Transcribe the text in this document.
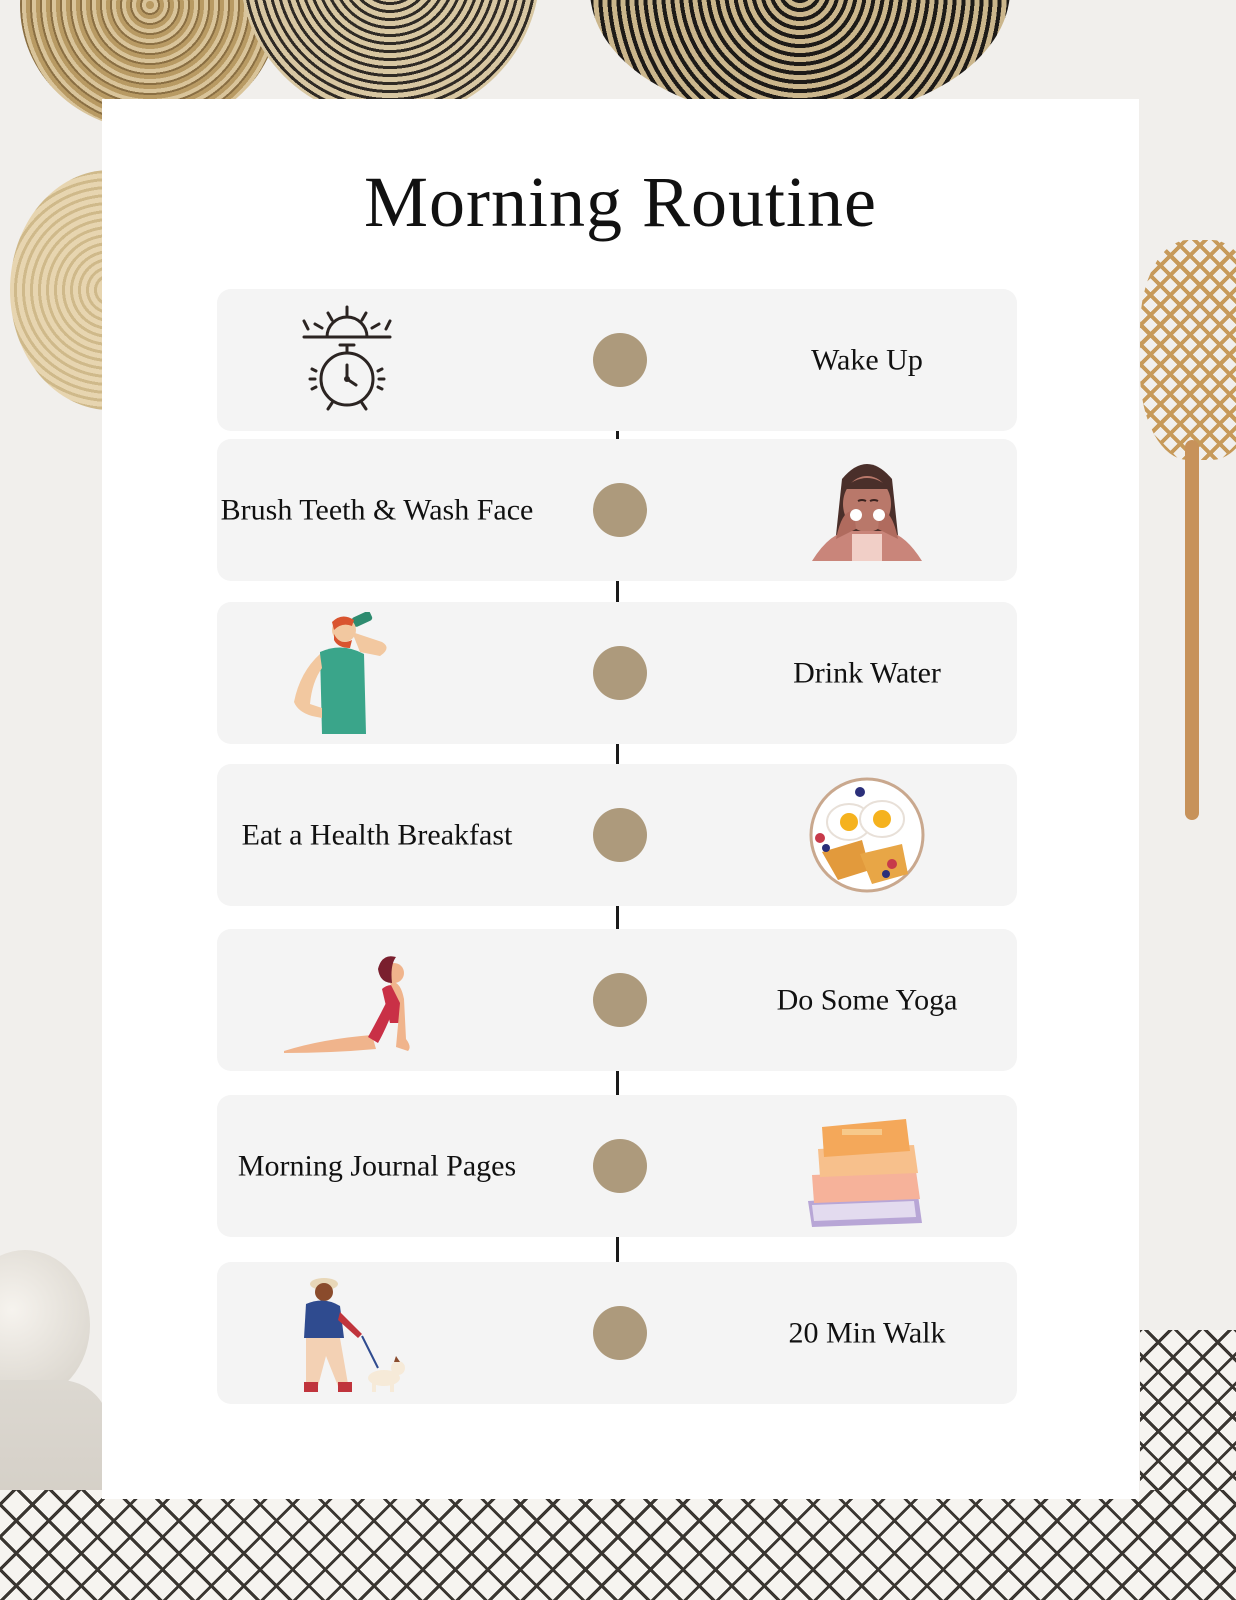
Morning Routine
Wake Up
Brush Teeth & Wash Face
Drink Water
Eat a Health Breakfast
Do Some Yoga
Morning Journal Pages
20 Min Walk
